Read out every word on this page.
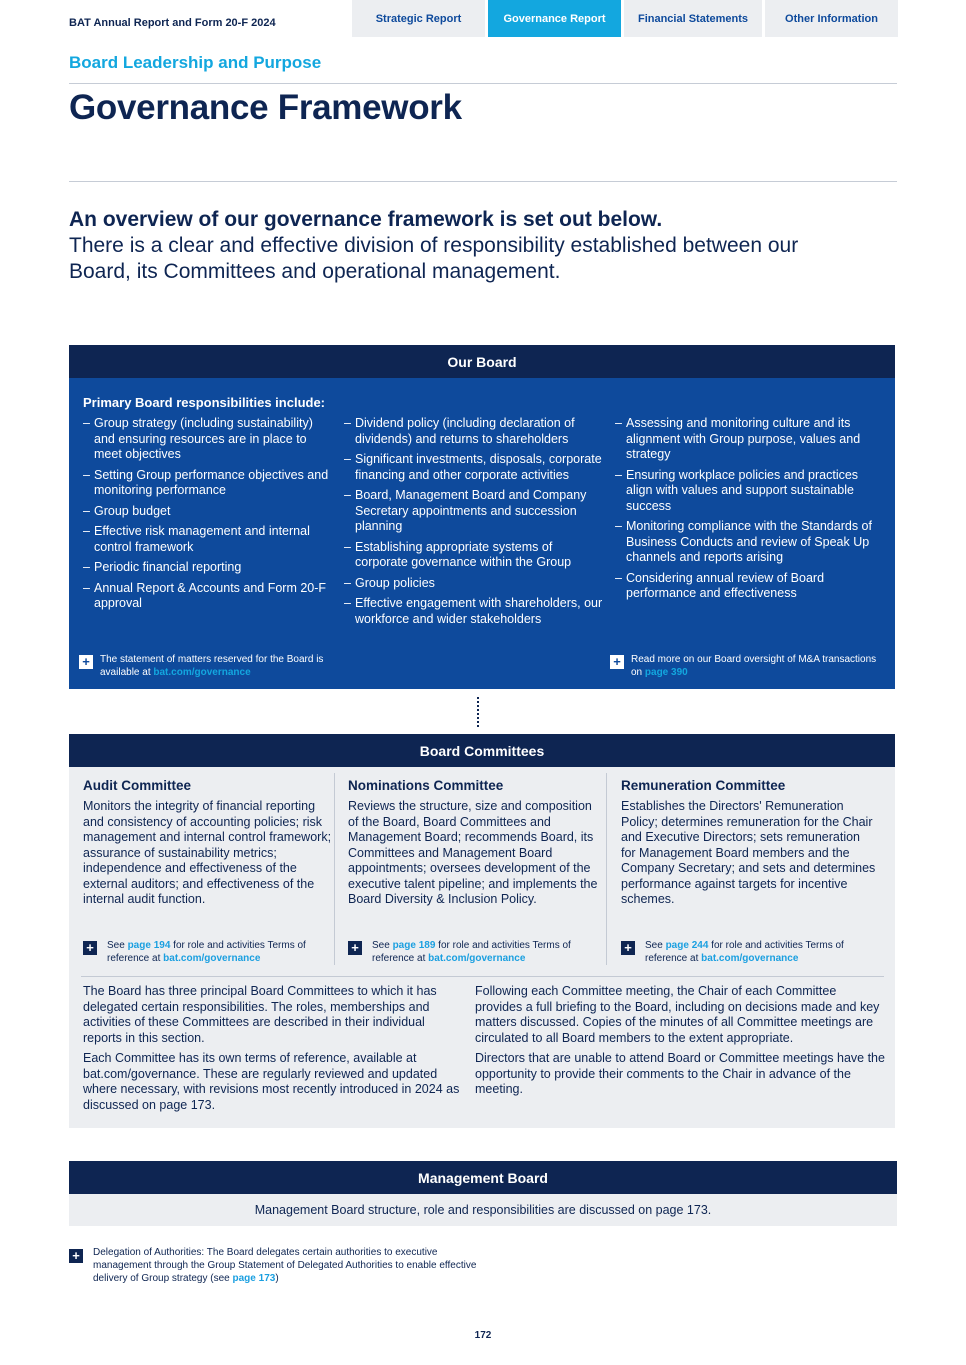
BAT Annual Report and Form 20-F 2024	Strategic Report	Governance Report	Financial Statements	Other Information
Board Leadership and Purpose
Governance Framework
An overview of our governance framework is set out below.
There is a clear and effective division of responsibility established between our Board, its Committees and operational management.
Our Board
Primary Board responsibilities include:
– Group strategy (including sustainability) and ensuring resources are in place to meet objectives
– Setting Group performance objectives and monitoring performance
– Group budget
– Effective risk management and internal control framework
– Periodic financial reporting
– Annual Report & Accounts and Form 20-F approval
– Dividend policy (including declaration of dividends) and returns to shareholders
– Significant investments, disposals, corporate financing and other corporate activities
– Board, Management Board and Company Secretary appointments and succession planning
– Establishing appropriate systems of corporate governance within the Group
– Group policies
– Effective engagement with shareholders, our workforce and wider stakeholders
– Assessing and monitoring culture and its alignment with Group purpose, values and strategy
– Ensuring workplace policies and practices align with values and support sustainable success
– Monitoring compliance with the Standards of Business Conducts and review of Speak Up channels and reports arising
– Considering annual review of Board performance and effectiveness
+	The statement of matters reserved for the Board is available at bat.com/governance
+	Read more on our Board oversight of M&A transactions on page 390
Board Committees
Audit Committee

Monitors the integrity of financial reporting and consistency of accounting policies; risk management and internal control framework; assurance of sustainability metrics; independence and effectiveness of the external auditors; and effectiveness of the internal audit function.

+	See page 194 for role and activities Terms of reference at bat.com/governance
Nominations Committee

Reviews the structure, size and composition of the Board, Board Committees and Management Board; recommends Board, its Committees and Management Board appointments; oversees development of the executive talent pipeline; and implements the Board Diversity & Inclusion Policy.

+	See page 189 for role and activities Terms of reference at bat.com/governance
Remuneration Committee

Establishes the Directors' Remuneration Policy; determines remuneration for the Chair and Executive Directors; sets remuneration for Management Board members and the Company Secretary; and sets and determines performance against targets for incentive schemes.

+	See page 244 for role and activities Terms of reference at bat.com/governance

The Board has three principal Board Committees to which it has delegated certain responsibilities. The roles, memberships and activities of these Committees are described in their individual reports in this section.

Each Committee has its own terms of reference, available at bat.com/governance. These are regularly reviewed and updated where necessary, with revisions most recently introduced in 2024 as discussed on page 173.

Following each Committee meeting, the Chair of each Committee provides a full briefing to the Board, including on decisions made and key matters discussed. Copies of the minutes of all Committee meetings are circulated to all Board members to the extent appropriate.

Directors that are unable to attend Board or Committee meetings have the opportunity to provide their comments to the Chair in advance of the meeting.

Management Board
Management Board structure, role and responsibilities are discussed on page 173.
+	Delegation of Authorities: The Board delegates certain authorities to executive management through the Group Statement of Delegated Authorities to enable effective delivery of Group strategy (see page 173)
172
